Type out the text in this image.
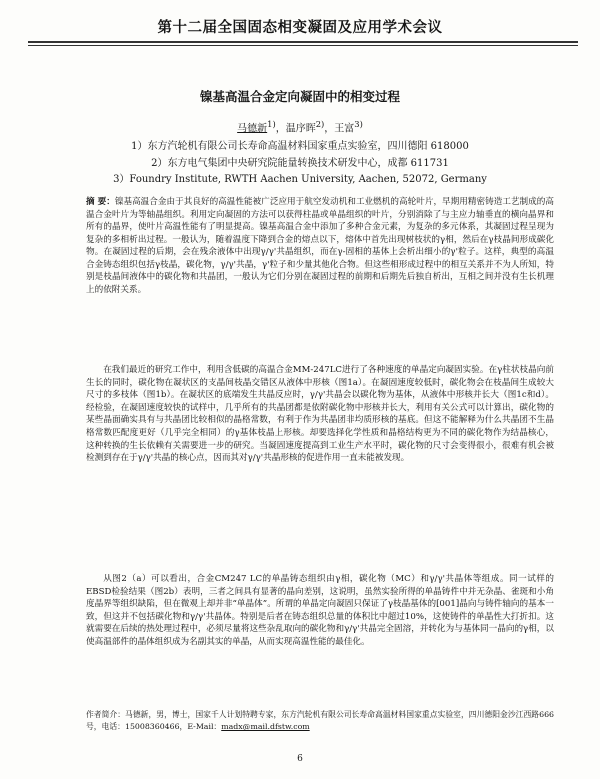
第十二届全国固态相变凝固及应用学术会议
镍基高温合金定向凝固中的相变过程
马德新$^{1)}$，温序晖$^{2)}$，王富$^{3)}$
1）东方汽轮机有限公司长寿命高温材料国家重点实验室，四川德阳 618000
2）东方电气集团中央研究院能量转换技术研发中心，成都 611731
3）Foundry Institute, RWTH Aachen University, Aachen, 52072, Germany
摘 要：镍基高温合金由于其良好的高温性能被广泛应用于航空发动机和工业燃机的高轮叶片，早期用精密铸造工艺制成的高温合金叶片为等轴晶组织。利用定向凝固的方法可以获得柱晶或单晶组织的叶片，分别消除了与主应力轴垂直的横向晶界和所有的晶界，使叶片高温性能有了明显提高。镍基高温合金中添加了多种合金元素，为复杂的多元体系，其凝固过程呈现为复杂的多相析出过程。一般认为，随着温度下降到合金的熔点以下，熔体中首先出现树枝状的γ相，然后在γ枝晶间形成碳化物。在凝固过程的后期，会在残余液体中出现γ/γ'共晶组织，而在γ-固相的基体上会析出细小的γ'粒子。这样，典型的高温合金铸态组织包括γ枝晶，碳化物，γ/γ'共晶，γ'粒子和少量其他化合物。但这些相形成过程中的相互关系并不为人所知，特别是枝晶间液体中的碳化物和共晶团，一般认为它们分别在凝固过程的前期和后期先后独自析出，互相之间并没有生长机理上的依附关系。
在我们最近的研究工作中，利用含低碳的高温合金MM-247LC进行了各种速度的单晶定向凝固实验。在γ柱状枝晶向前生长的同时，碳化物在凝状区的支晶间枝晶交错区从液体中形核（图1a）。在凝固速度较低时，碳化物会在枝晶间生成较大尺寸的多枝体（图1b）。在凝状区的底端发生共晶反应时，γ/γ'共晶会以碳化物为基体，从液体中形核并长大（图1c和d）。经检验，在凝固速度较快的试样中，几乎所有的共晶团都是依附碳化物中形核并长大，利用有关公式可以计算出，碳化物的某些晶面确实具有与共晶团比较相似的晶格常数，有利于作为共晶团非均质形核的基底。但这不能解释为什么共晶团不生晶格常数匹配度更好（几乎完全相同）的γ基体枝晶上形核。却要选择化学性质和晶格结构更为不同的碳化物作为结晶核心，这种转换的生长依赖有关需要进一步的研究。当凝固速度提高到工业生产水平时，碳化物的尺寸会变得很小，很难有机会被检测到存在于γ/γ'共晶的核心点，因而其对γ/γ'共晶形核的促进作用一直未能被发现。
从图2（a）可以看出，合金CM247 LC的单晶铸态组织由γ相，碳化物（MC）和γ/γ'共晶体等组成。同一试样的EBSD检验结果（图2b）表明，三者之间具有显著的晶向差别，这说明，虽然实验所得的单晶铸件中并无杂晶、雀斑和小角度晶界等组织缺陷，但在微观上却并非“单晶体”。所谓的单晶定向凝固只保证了γ枝晶基体的[001]晶向与铸件轴向的基本一致，但这并不包括碳化物和γ/γ'共晶体。特别是后者在铸态组织总量的体积比中超过10%，这使铸件的单晶性大打折扣。这就需要在后续的热处理过程中，必须尽量将这些杂乱取向的碳化物和γ/γ'共晶完全固溶，并转化为与基体同一晶向的γ相，以使高温部件的晶体组织成为名副其实的单晶，从而实现高温性能的最佳化。
作者简介：马德新，男，博士，国家千人计划特聘专家，东方汽轮机有限公司长寿命高温材料国家重点实验室，四川德阳金沙江西路666号，电话：15008360466，E-Mail：madx@mail.dfstw.com
6
